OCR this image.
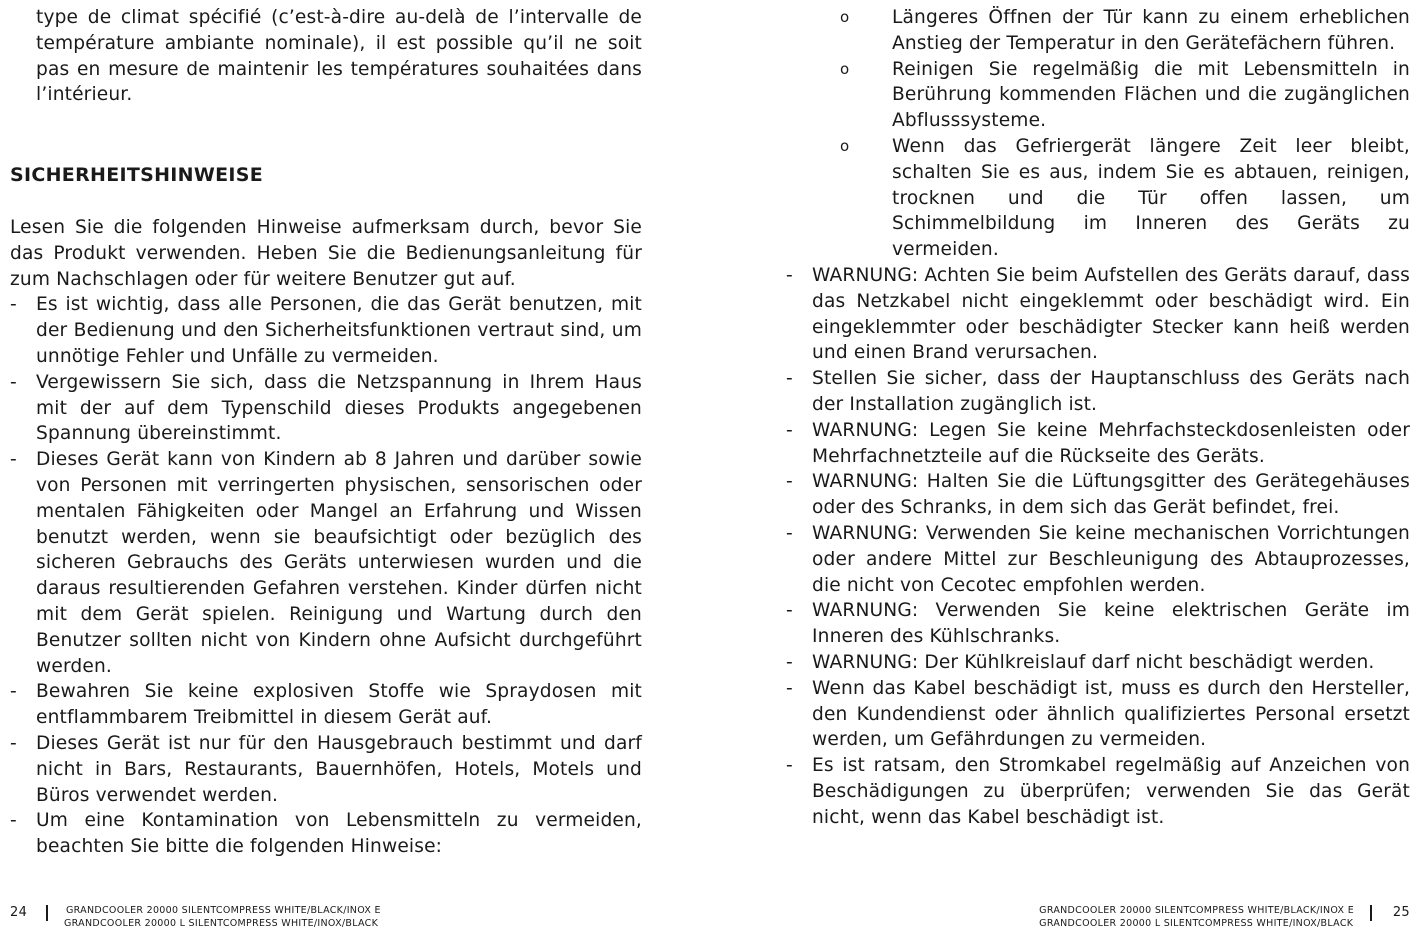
type de climat spécifié (c’est-à-dire au-delà de l’intervalle de température ambiante nominale), il est possible qu’il ne soit pas en mesure de maintenir les températures souhaitées dans l’intérieur.
SICHERHEITSHINWEISE
Lesen Sie die folgenden Hinweise aufmerksam durch, bevor Sie das Produkt verwenden. Heben Sie die Bedienungsanleitung für zum Nachschlagen oder für weitere Benutzer gut auf.
- Es ist wichtig, dass alle Personen, die das Gerät benutzen, mit der Bedienung und den Sicherheitsfunktionen vertraut sind, um unnötige Fehler und Unfälle zu vermeiden.
- Vergewissern Sie sich, dass die Netzspannung in Ihrem Haus mit der auf dem Typenschild dieses Produkts angegebenen Spannung übereinstimmt.
- Dieses Gerät kann von Kindern ab 8 Jahren und darüber sowie von Personen mit verringerten physischen, sensorischen oder mentalen Fähigkeiten oder Mangel an Erfahrung und Wissen benutzt werden, wenn sie beaufsichtigt oder bezüglich des sicheren Gebrauchs des Geräts unterwiesen wurden und die daraus resultierenden Gefahren verstehen. Kinder dürfen nicht mit dem Gerät spielen. Reinigung und Wartung durch den Benutzer sollten nicht von Kindern ohne Aufsicht durchgeführt werden.
- Bewahren Sie keine explosiven Stoffe wie Spraydosen mit entflammbarem Treibmittel in diesem Gerät auf.
- Dieses Gerät ist nur für den Hausgebrauch bestimmt und darf nicht in Bars, Restaurants, Bauernhöfen, Hotels, Motels und Büros verwendet werden.
- Um eine Kontamination von Lebensmitteln zu vermeiden, beachten Sie bitte die folgenden Hinweise:
o Längeres Öffnen der Tür kann zu einem erheblichen Anstieg der Temperatur in den Gerätefächern führen.
o Reinigen Sie regelmäßig die mit Lebensmitteln in Berührung kommenden Flächen und die zugänglichen Abflusssysteme.
o Wenn das Gefriergerät längere Zeit leer bleibt, schalten Sie es aus, indem Sie es abtauen, reinigen, trocknen und die Tür offen lassen, um Schimmelbildung im Inneren des Geräts zu vermeiden.
- WARNUNG: Achten Sie beim Aufstellen des Geräts darauf, dass das Netzkabel nicht eingeklemmt oder beschädigt wird. Ein eingeklemmter oder beschädigter Stecker kann heiß werden und einen Brand verursachen.
- Stellen Sie sicher, dass der Hauptanschluss des Geräts nach der Installation zugänglich ist.
- WARNUNG: Legen Sie keine Mehrfachsteckdosenleisten oder Mehrfachnetzteile auf die Rückseite des Geräts.
- WARNUNG: Halten Sie die Lüftungsgitter des Gerätegehäuses oder des Schranks, in dem sich das Gerät befindet, frei.
- WARNUNG: Verwenden Sie keine mechanischen Vorrichtungen oder andere Mittel zur Beschleunigung des Abtauprozesses, die nicht von Cecotec empfohlen werden.
- WARNUNG: Verwenden Sie keine elektrischen Geräte im Inneren des Kühlschranks.
- WARNUNG: Der Kühlkreislauf darf nicht beschädigt werden.
- Wenn das Kabel beschädigt ist, muss es durch den Hersteller, den Kundendienst oder ähnlich qualifiziertes Personal ersetzt werden, um Gefährdungen zu vermeiden.
- Es ist ratsam, den Stromkabel regelmäßig auf Anzeichen von Beschädigungen zu überprüfen; verwenden Sie das Gerät nicht, wenn das Kabel beschädigt ist.
24	GRANDCOOLER 20000 SILENTCOMPRESS WHITE/BLACK/INOX E
GRANDCOOLER 20000 L SILENTCOMPRESS WHITE/INOX/BLACK
GRANDCOOLER 20000 SILENTCOMPRESS WHITE/BLACK/INOX E
GRANDCOOLER 20000 L SILENTCOMPRESS WHITE/INOX/BLACK
25
